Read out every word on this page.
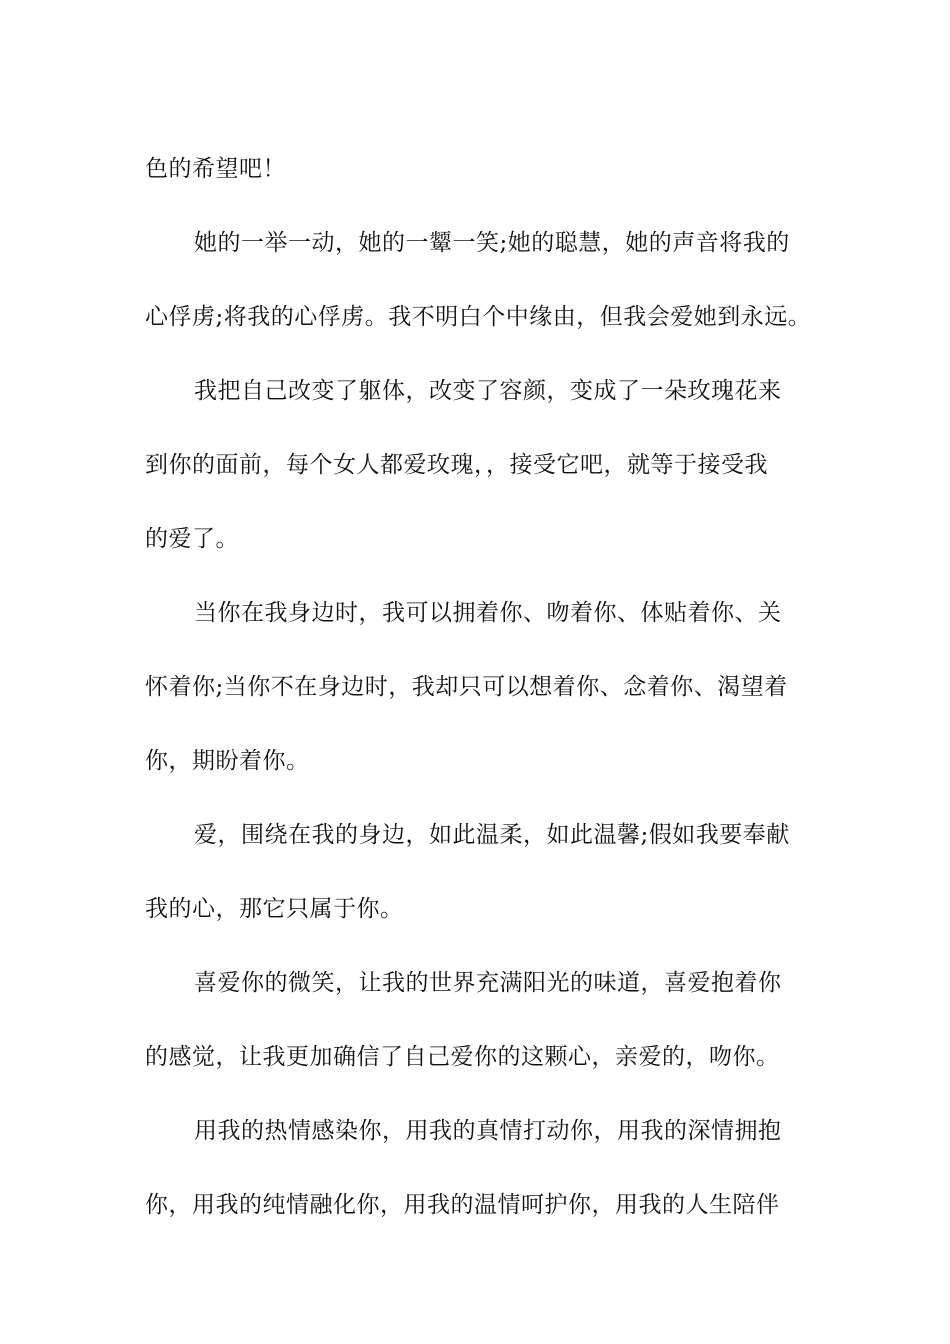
色的希望吧！
她的一举一动，她的一颦一笑;她的聪慧，她的声音将我的
心俘虏;将我的心俘虏。我不明白个中缘由，但我会爱她到永远。
我把自己改变了躯体，改变了容颜，变成了一朵玫瑰花来
到你的面前，每个女人都爱玫瑰，，接受它吧，就等于接受我
的爱了。
当你在我身边时，我可以拥着你、吻着你、体贴着你、关
怀着你;当你不在身边时，我却只可以想着你、念着你、渴望着
你，期盼着你。
爱，围绕在我的身边，如此温柔，如此温馨;假如我要奉献
我的心，那它只属于你。
喜爱你的微笑，让我的世界充满阳光的味道，喜爱抱着你
的感觉，让我更加确信了自己爱你的这颗心，亲爱的，吻你。
用我的热情感染你，用我的真情打动你，用我的深情拥抱
你，用我的纯情融化你，用我的温情呵护你，用我的人生陪伴
